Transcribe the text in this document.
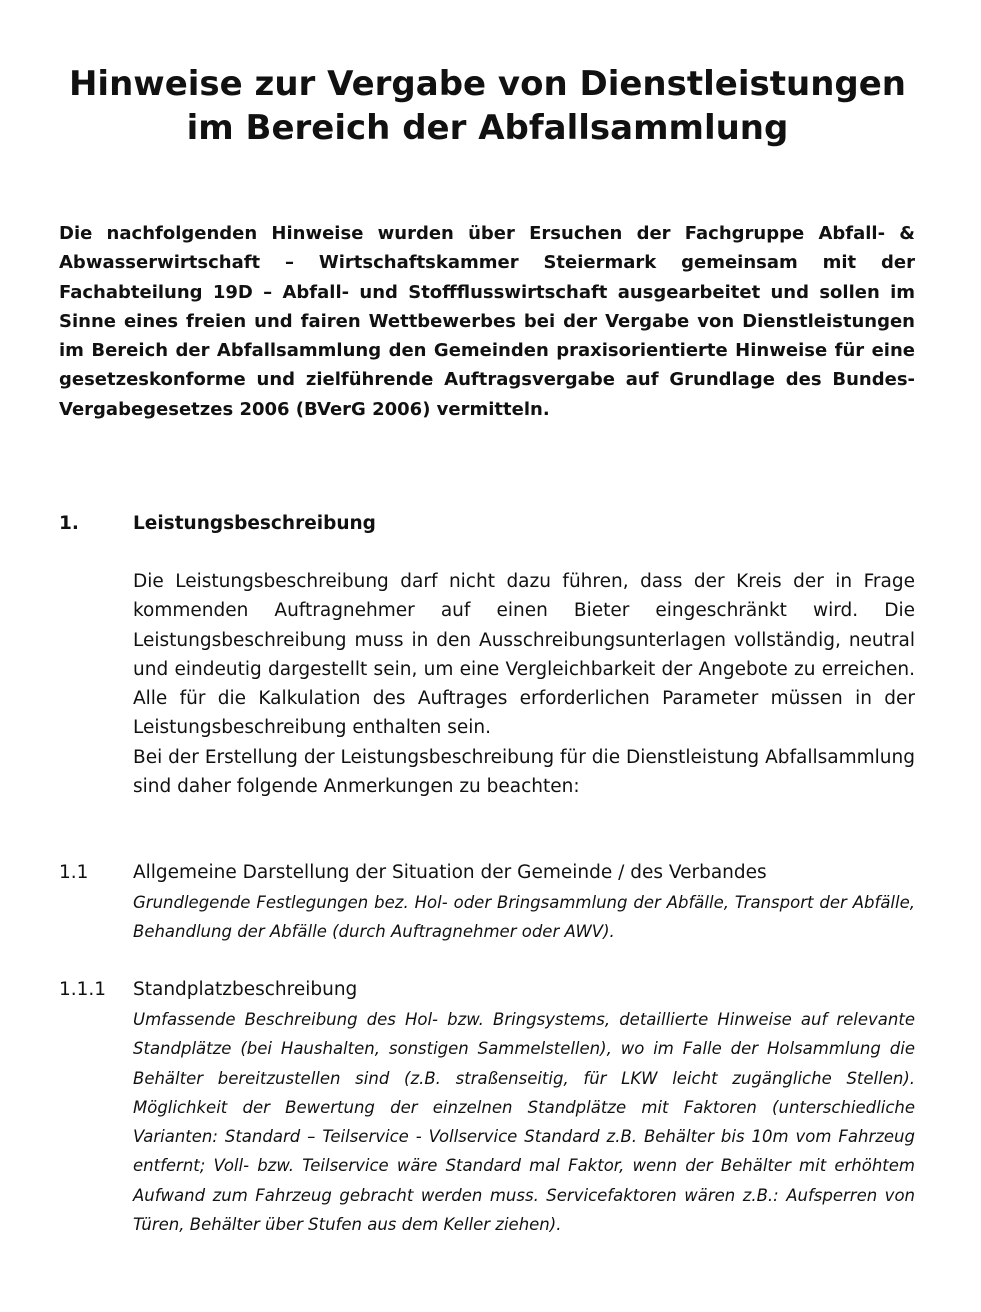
Hinweise zur Vergabe von Dienstleistungen
im Bereich der Abfallsammlung

Die nachfolgenden Hinweise wurden über Ersuchen der Fachgruppe Abfall- & Abwasserwirtschaft – Wirtschaftskammer Steiermark gemeinsam mit der Fachabteilung 19D – Abfall- und Stoffflusswirtschaft ausgearbeitet und sollen im Sinne eines freien und fairen Wettbewerbes bei der Vergabe von Dienstleistungen im Bereich der Abfallsammlung den Gemeinden praxisorientierte Hinweise für eine gesetzeskonforme und zielführende Auftragsvergabe auf Grundlage des Bundes-Vergabegesetzes 2006 (BVerG 2006) vermitteln.

1.	Leistungsbeschreibung
Die Leistungsbeschreibung darf nicht dazu führen, dass der Kreis der in Frage kommenden Auftragnehmer auf einen Bieter eingeschränkt wird. Die Leistungsbeschreibung muss in den Ausschreibungsunterlagen vollständig, neutral und eindeutig dargestellt sein, um eine Vergleichbarkeit der Angebote zu erreichen. Alle für die Kalkulation des Auftrages erforderlichen Parameter müssen in der Leistungsbeschreibung enthalten sein.
Bei der Erstellung der Leistungsbeschreibung für die Dienstleistung Abfallsammlung sind daher folgende Anmerkungen zu beachten:
1.1 Allgemeine Darstellung der Situation der Gemeinde / des Verbandes

Grundlegende Festlegungen bez. Hol- oder Bringsammlung der Abfälle, Transport der Abfälle, Behandlung der Abfälle (durch Auftragnehmer oder AWV).

1.1.1 Standplatzbeschreibung

Umfassende Beschreibung des Hol- bzw. Bringsystems, detaillierte Hinweise auf relevante Standplätze (bei Haushalten, sonstigen Sammelstellen), wo im Falle der Holsammlung die Behälter bereitzustellen sind (z.B. straßenseitig, für LKW leicht zugängliche Stellen). Möglichkeit der Bewertung der einzelnen Standplätze mit Faktoren (unterschiedliche Varianten: Standard – Teilservice - Vollservice Standard z.B. Behälter bis 10m vom Fahrzeug entfernt; Voll- bzw. Teilservice wäre Standard mal Faktor, wenn der Behälter mit erhöhtem Aufwand zum Fahrzeug gebracht werden muss. Servicefaktoren wären z.B.: Aufsperren von Türen, Behälter über Stufen aus dem Keller ziehen).
